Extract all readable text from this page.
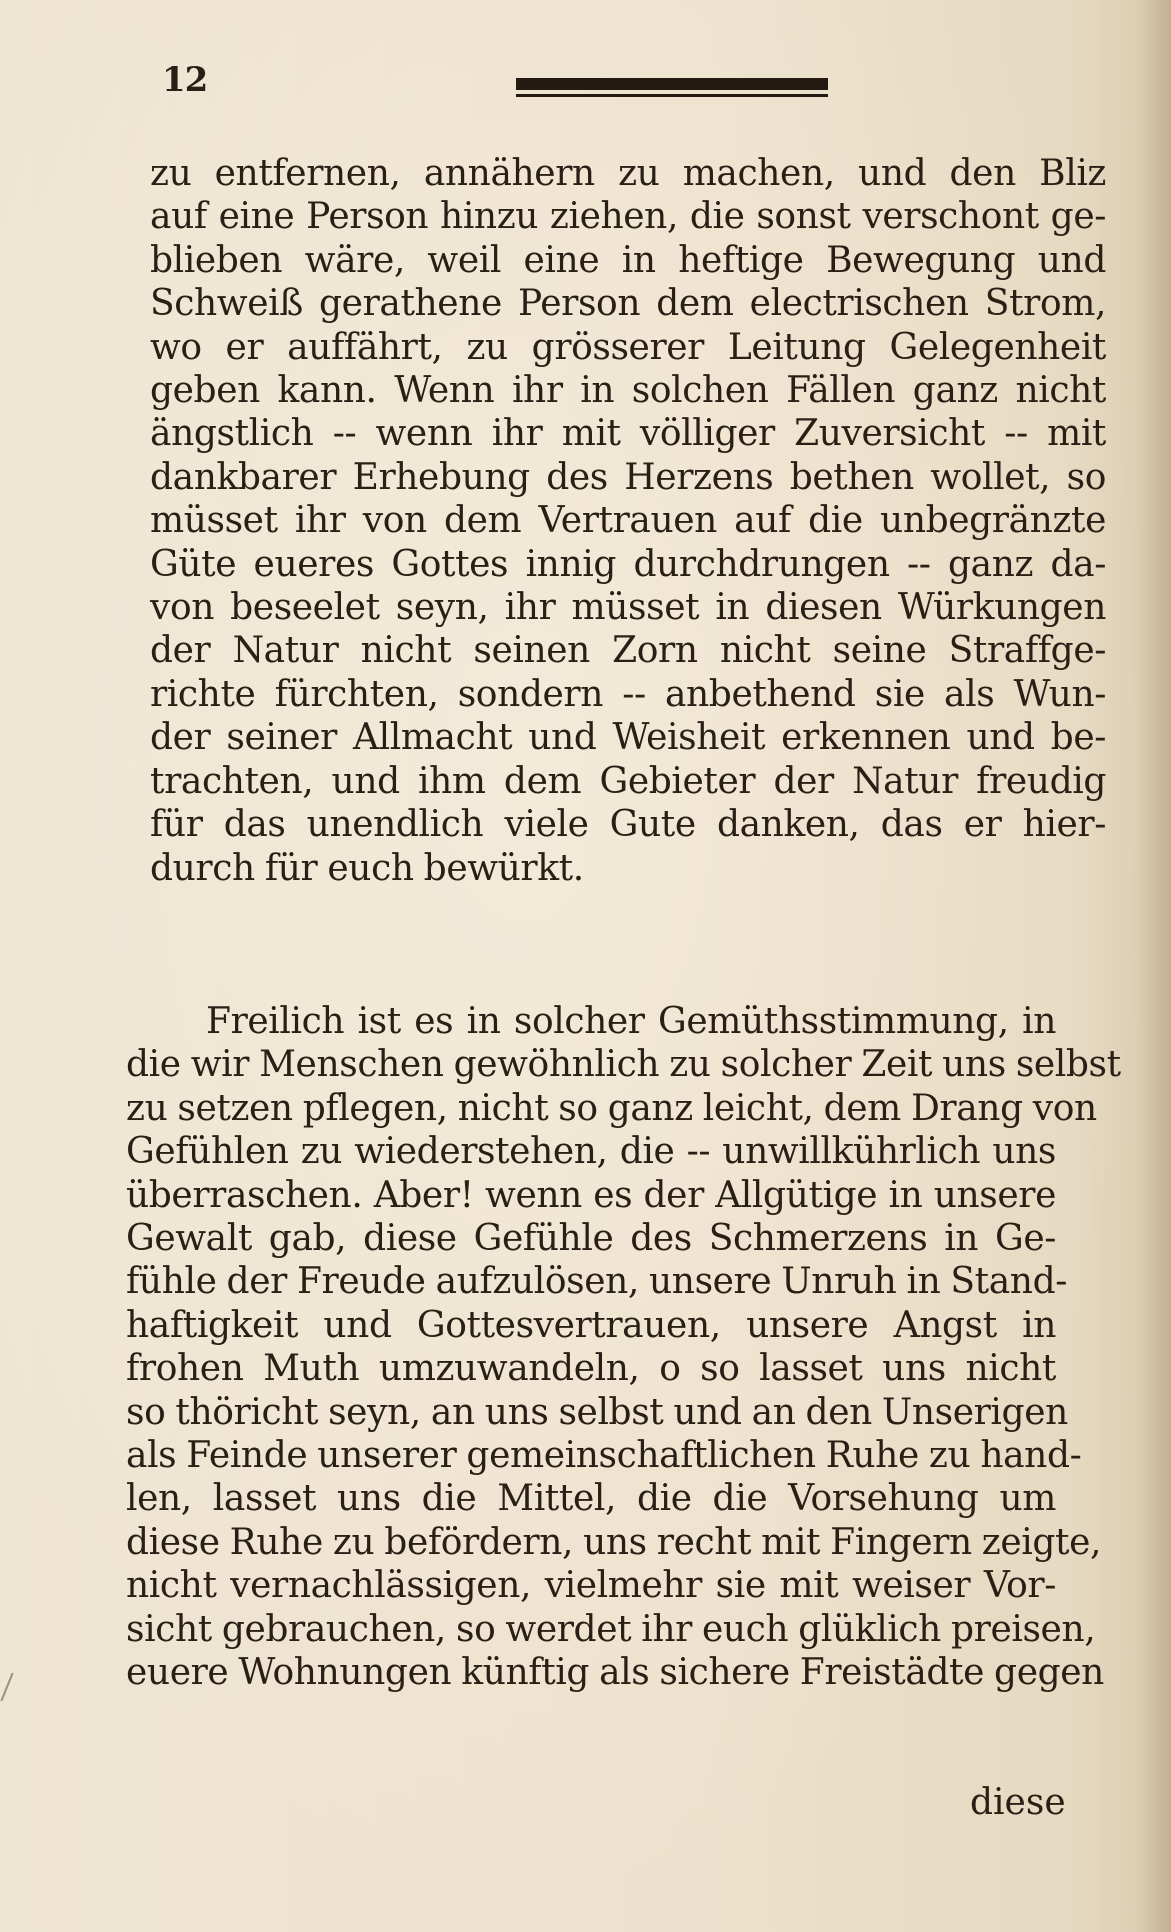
12
zu entfernen, annähern zu machen, und den Bliz
auf eine Person hinzu ziehen, die sonst verschont ge-
blieben wäre, weil eine in heftige Bewegung und
Schweiß gerathene Person dem electrischen Strom,
wo er auffährt, zu grösserer Leitung Gelegenheit
geben kann. Wenn ihr in solchen Fällen ganz nicht
ängstlich -- wenn ihr mit völliger Zuversicht -- mit
dankbarer Erhebung des Herzens bethen wollet, so
müsset ihr von dem Vertrauen auf die unbegränzte
Güte eueres Gottes innig durchdrungen -- ganz da-
von beseelet seyn, ihr müsset in diesen Würkungen
der Natur nicht seinen Zorn nicht seine Straffge-
richte fürchten, sondern -- anbethend sie als Wun-
der seiner Allmacht und Weisheit erkennen und be-
trachten, und ihm dem Gebieter der Natur freudig
für das unendlich viele Gute danken, das er hier-
durch für euch bewürkt.
Freilich ist es in solcher Gemüthsstimmung, in
die wir Menschen gewöhnlich zu solcher Zeit uns selbst
zu setzen pflegen, nicht so ganz leicht, dem Drang von
Gefühlen zu wiederstehen, die -- unwillkührlich uns
überraschen. Aber! wenn es der Allgütige in unsere
Gewalt gab, diese Gefühle des Schmerzens in Ge-
fühle der Freude aufzulösen, unsere Unruh in Stand-
haftigkeit und Gottesvertrauen, unsere Angst in
frohen Muth umzuwandeln, o so lasset uns nicht
so thöricht seyn, an uns selbst und an den Unserigen
als Feinde unserer gemeinschaftlichen Ruhe zu hand-
len, lasset uns die Mittel, die die Vorsehung um
diese Ruhe zu befördern, uns recht mit Fingern zeigte,
nicht vernachlässigen, vielmehr sie mit weiser Vor-
sicht gebrauchen, so werdet ihr euch glüklich preisen,
euere Wohnungen künftig als sichere Freistädte gegen
diese
